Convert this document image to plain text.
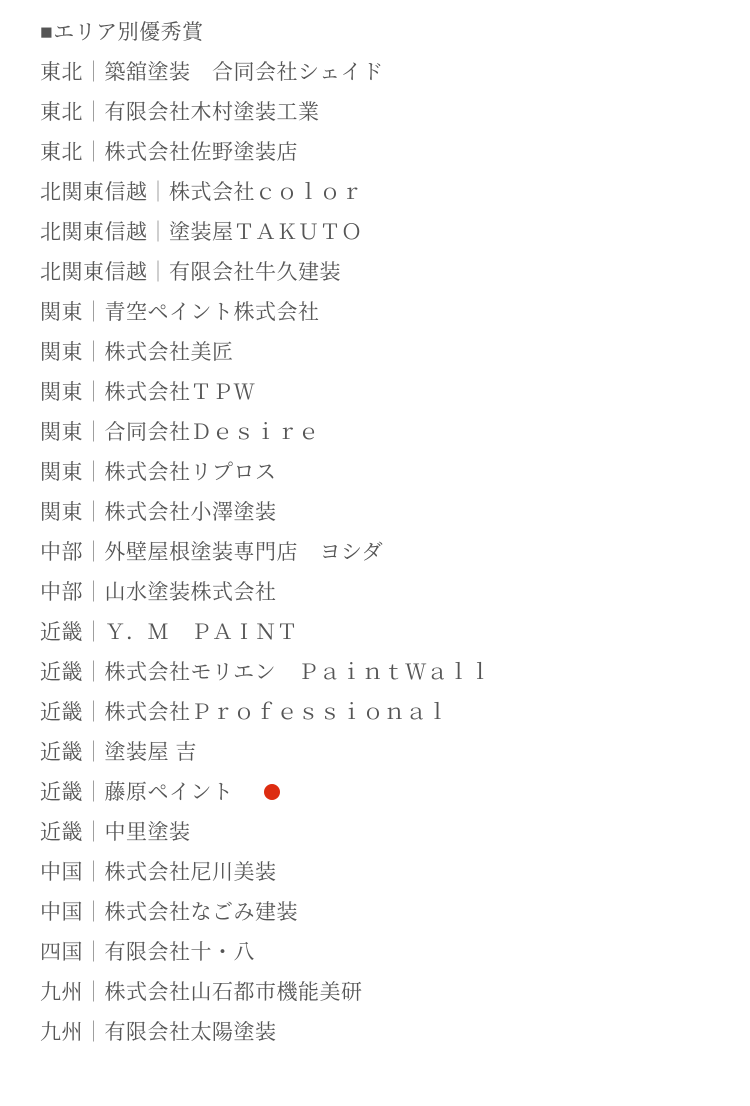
■エリア別優秀賞
東北｜築舘塗装　合同会社シェイド
東北｜有限会社木村塗装工業
東北｜株式会社佐野塗装店
北関東信越｜株式会社ｃｏｌｏｒ
北関東信越｜塗装屋ＴＡＫＵＴＯ
北関東信越｜有限会社牛久建装
関東｜青空ペイント株式会社
関東｜株式会社美匠
関東｜株式会社ＴＰＷ
関東｜合同会社Ｄｅｓｉｒｅ
関東｜株式会社リプロス
関東｜株式会社小澤塗装
中部｜外壁屋根塗装専門店　ヨシダ
中部｜山水塗装株式会社
近畿｜Ｙ．Ｍ　ＰＡＩＮＴ
近畿｜株式会社モリエン　ＰａｉｎｔＷａｌｌ
近畿｜株式会社Ｐｒｏｆｅｓｓｉｏｎａｌ
近畿｜塗装屋 吉
近畿｜藤原ペイント
近畿｜中里塗装
中国｜株式会社尼川美装
中国｜株式会社なごみ建装
四国｜有限会社十・八
九州｜株式会社山石都市機能美研
九州｜有限会社太陽塗装
